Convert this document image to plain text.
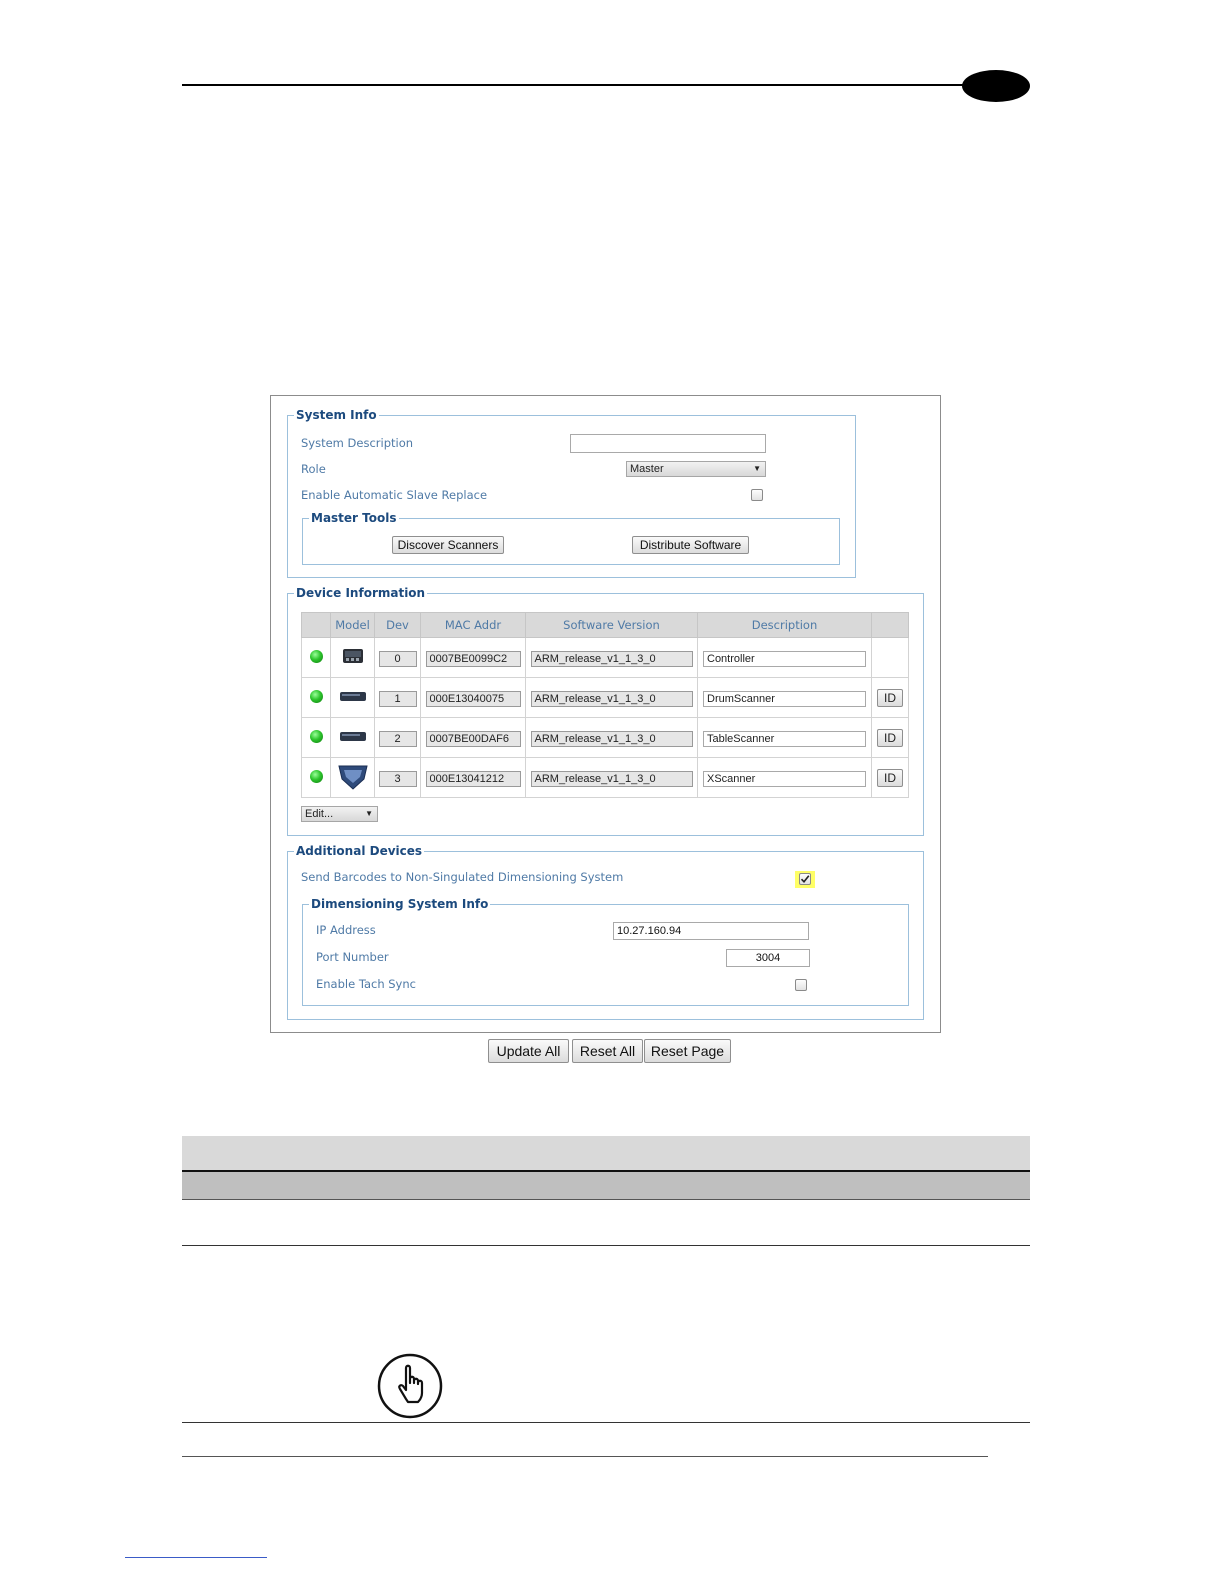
System Info
System Description
Role	Master	▼
Enable Automatic Slave Replace
Master Tools
Discover Scanners	Distribute Software
Device Information
	Model	Dev	MAC Addr	Software Version	Description	
		0	0007BE0099C2	ARM_release_v1_1_3_0	Controller	
		1	000E13040075	ARM_release_v1_1_3_0	DrumScanner	ID
		2	0007BE00DAF6	ARM_release_v1_1_3_0	TableScanner	ID
		3	000E13041212	ARM_release_v1_1_3_0	XScanner	ID
Edit...	▼
Additional Devices
Send Barcodes to Non-Singulated Dimensioning System
Dimensioning System Info
IP Address	10.27.160.94
Port Number	3004
Enable Tach Sync
Update All	Reset All	Reset Page
